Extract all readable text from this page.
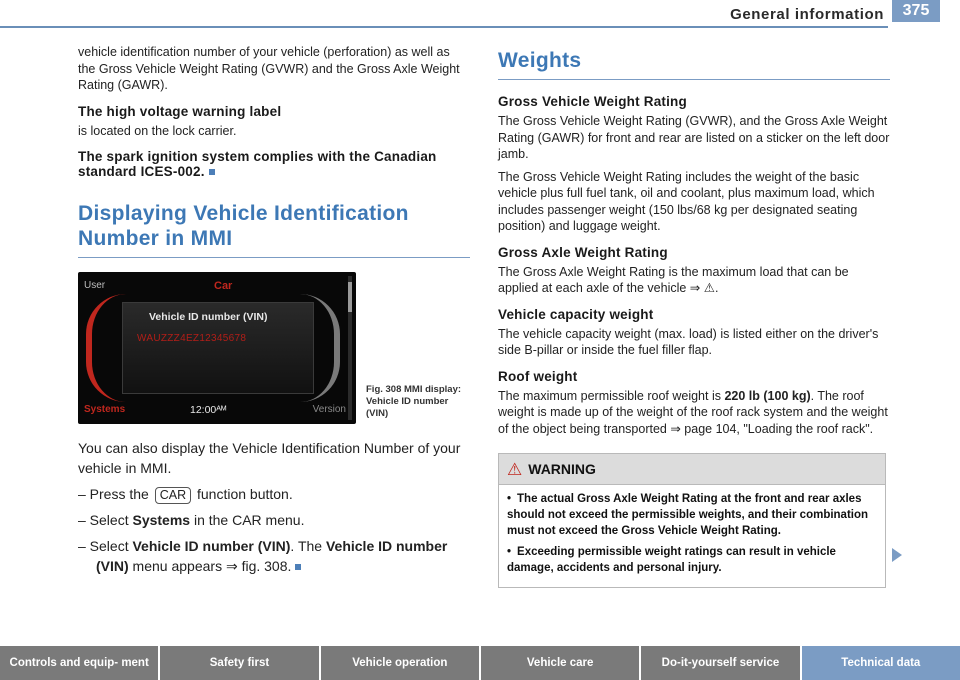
General information	375

vehicle identification number of your vehicle (perforation) as well as the Gross Vehicle Weight Rating (GVWR) and the Gross Axle Weight Rating (GAWR).

The high voltage warning label

is located on the lock carrier.

The spark ignition system complies with the Canadian standard ICES-002.
Displaying Vehicle Identification Number in MMI
User	Car
Vehicle ID number (VIN)
WAUZZZ4EZ12345678
Systems	12:00ᴬᴹ	Version
Fig. 308 MMI display: Vehicle ID number (VIN)

You can also display the Vehicle Identification Number of your vehicle in MMI.

– Press the CAR function button.
– Select Systems in the CAR menu.
– Select Vehicle ID number (VIN). The Vehicle ID number (VIN) menu appears ⇒ fig. 308.
Weights
Gross Vehicle Weight Rating

The Gross Vehicle Weight Rating (GVWR), and the Gross Axle Weight Rating (GAWR) for front and rear are listed on a sticker on the left door jamb.

The Gross Vehicle Weight Rating includes the weight of the basic vehicle plus full fuel tank, oil and coolant, plus maximum load, which includes passenger weight (150 lbs/68 kg per designated seating position) and luggage weight.

Gross Axle Weight Rating

The Gross Axle Weight Rating is the maximum load that can be applied at each axle of the vehicle ⇒ ⚠.

Vehicle capacity weight

The vehicle capacity weight (max. load) is listed either on the driver's side B-pillar or inside the fuel filler flap.

Roof weight

The maximum permissible roof weight is 220 lb (100 kg). The roof weight is made up of the weight of the roof rack system and the weight of the object being transported ⇒ page 104, "Loading the roof rack".

⚠ WARNING

• The actual Gross Axle Weight Rating at the front and rear axles should not exceed the permissible weights, and their combination must not exceed the Gross Vehicle Weight Rating.

• Exceeding permissible weight ratings can result in vehicle damage, accidents and personal injury.

Controls and equip- ment	Safety first	Vehicle operation	Vehicle care	Do-it-yourself service	Technical data
